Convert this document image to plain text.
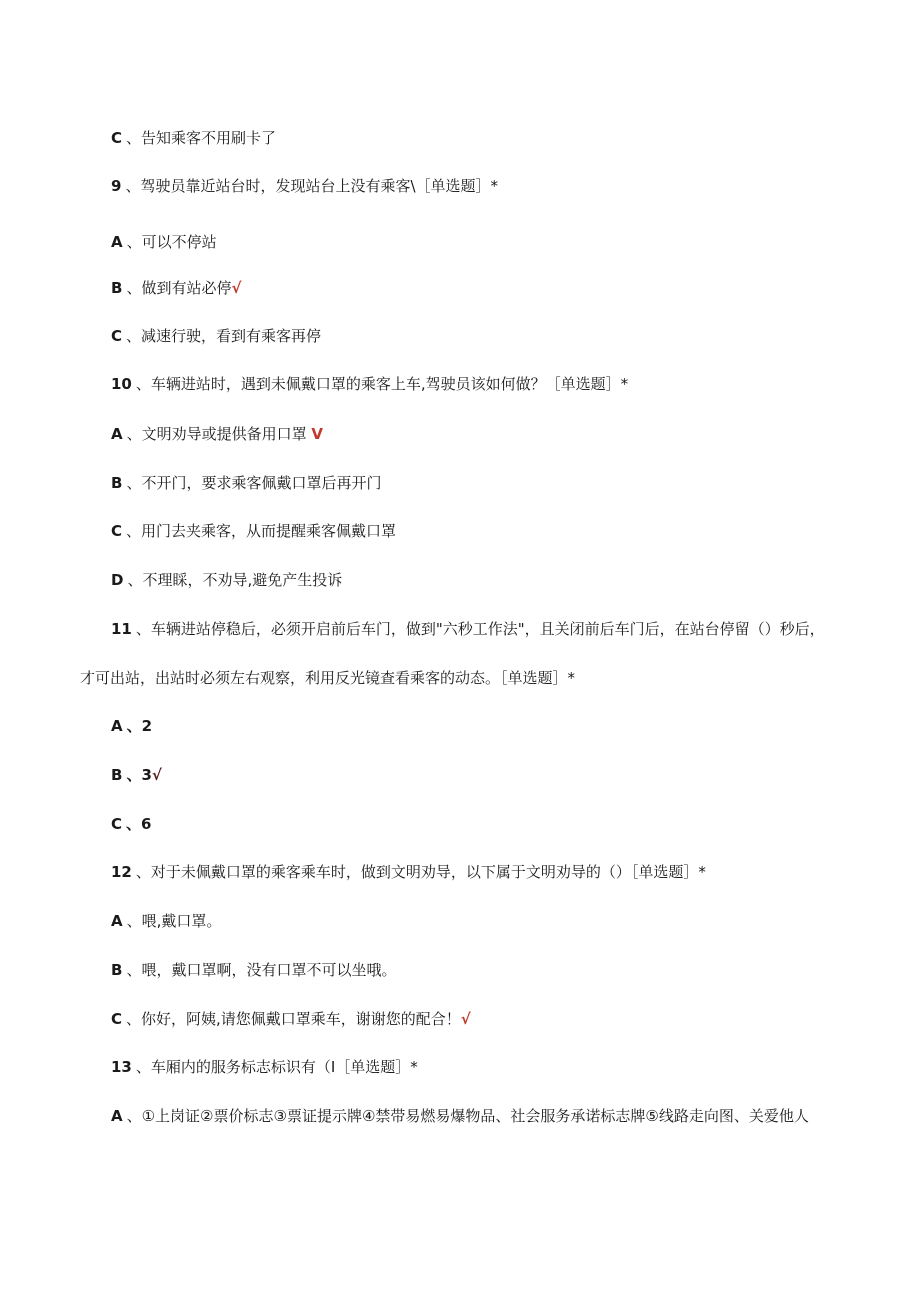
C 、告知乘客不用刷卡了
9 、驾驶员靠近站台时，发现站台上没有乘客\［单选题］*
A 、可以不停站
B 、做到有站必停√
C 、减速行驶，看到有乘客再停
10 、车辆进站时，遇到未佩戴口罩的乘客上车,驾驶员该如何做？［单选题］*
A 、文明劝导或提供备用口罩 V
B 、不开门，要求乘客佩戴口罩后再开门
C 、用门去夹乘客，从而提醒乘客佩戴口罩
D 、不理睬，不劝导,避免产生投诉
11 、车辆进站停稳后，必须开启前后车门，做到"六秒工作法"，且关闭前后车门后，在站台停留（）秒后，
才可出站，出站时必须左右观察，利用反光镜查看乘客的动态。［单选题］*
A 、2
B 、3√
C 、6
12 、对于未佩戴口罩的乘客乘车时，做到文明劝导，以下属于文明劝导的（）［单选题］*
A 、喂,戴口罩。
B 、喂，戴口罩啊，没有口罩不可以坐哦。
C 、你好，阿姨,请您佩戴口罩乘车，谢谢您的配合！√
13 、车厢内的服务标志标识有（I［单选题］*
A 、①上岗证②票价标志③票证提示牌④禁带易燃易爆物品、社会服务承诺标志牌⑤线路走向图、关爱他人
